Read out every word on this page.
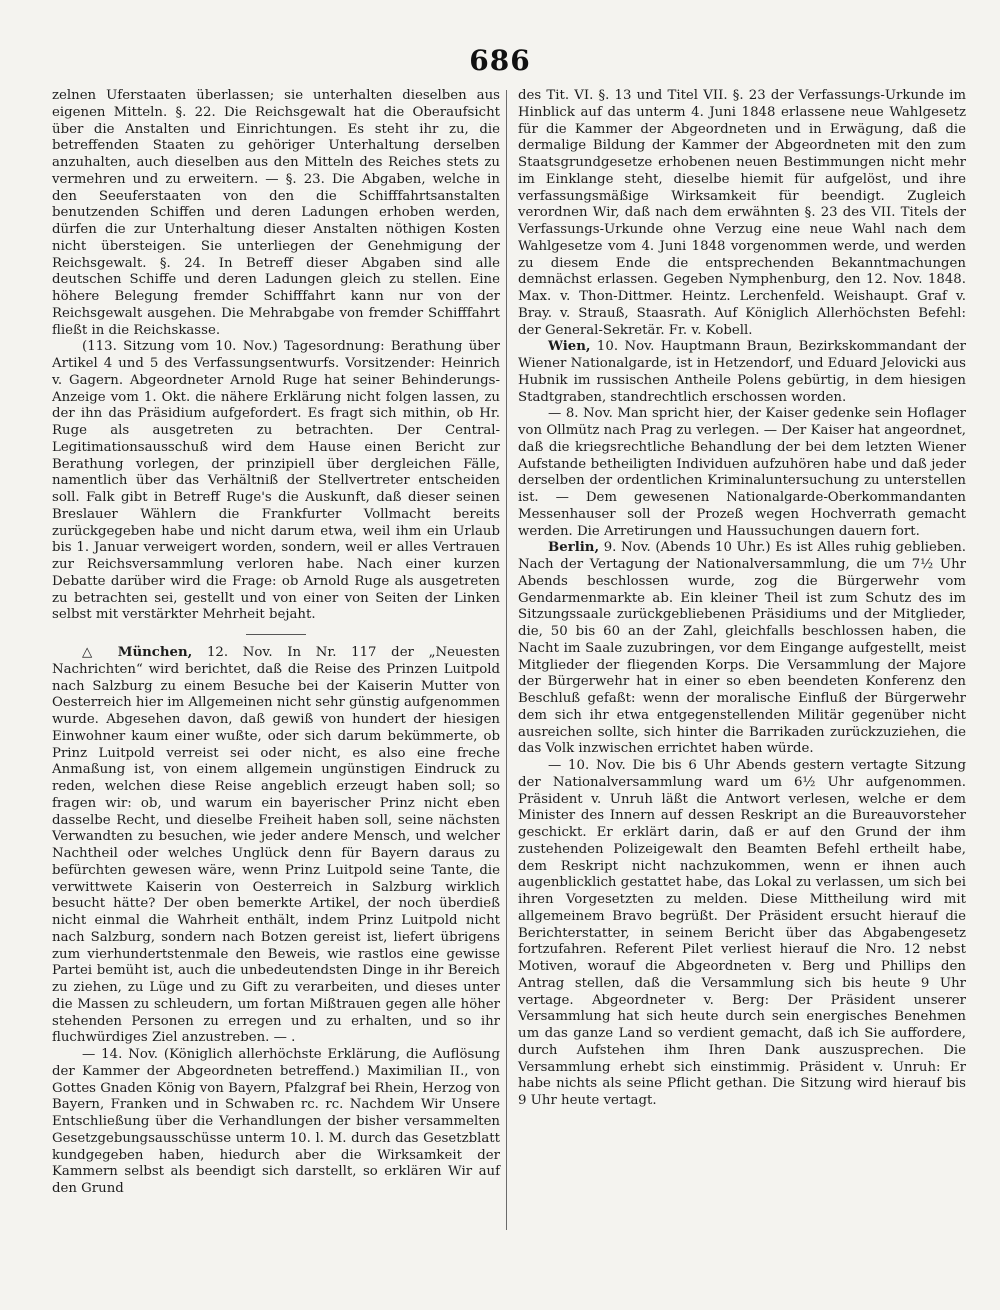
686

zelnen Uferstaaten überlassen; sie unterhalten dieselben aus eigenen Mitteln. §. 22. Die Reichsgewalt hat die Oberaufsicht über die Anstalten und Einrichtungen. Es steht ihr zu, die betreffenden Staaten zu gehöriger Unterhaltung derselben anzuhalten, auch dieselben aus den Mitteln des Reiches stets zu vermehren und zu erweitern. — §. 23. Die Abgaben, welche in den Seeuferstaaten von den die Schifffahrtsanstalten benutzenden Schiffen und deren Ladungen erhoben werden, dürfen die zur Unterhaltung dieser Anstalten nöthigen Kosten nicht übersteigen. Sie unterliegen der Genehmigung der Reichsgewalt. §. 24. In Betreff dieser Abgaben sind alle deutschen Schiffe und deren Ladungen gleich zu stellen. Eine höhere Belegung fremder Schifffahrt kann nur von der Reichsgewalt ausgehen. Die Mehrabgabe von fremder Schifffahrt fließt in die Reichskasse.

(113. Sitzung vom 10. Nov.) Tagesordnung: Berathung über Artikel 4 und 5 des Verfassungsentwurfs. Vorsitzender: Heinrich v. Gagern. Abgeordneter Arnold Ruge hat seiner Behinderungs-Anzeige vom 1. Okt. die nähere Erklärung nicht folgen lassen, zu der ihn das Präsidium aufgefordert. Es fragt sich mithin, ob Hr. Ruge als ausgetreten zu betrachten. Der Central-Legitimationsausschuß wird dem Hause einen Bericht zur Berathung vorlegen, der prinzipiell über dergleichen Fälle, namentlich über das Verhältniß der Stellvertreter entscheiden soll. Falk gibt in Betreff Ruge's die Auskunft, daß dieser seinen Breslauer Wählern die Frankfurter Vollmacht bereits zurückgegeben habe und nicht darum etwa, weil ihm ein Urlaub bis 1. Januar verweigert worden, sondern, weil er alles Vertrauen zur Reichsversammlung verloren habe. Nach einer kurzen Debatte darüber wird die Frage: ob Arnold Ruge als ausgetreten zu betrachten sei, gestellt und von einer von Seiten der Linken selbst mit verstärkter Mehrheit bejaht.

△ München, 12. Nov. In Nr. 117 der „Neuesten Nachrichten“ wird berichtet, daß die Reise des Prinzen Luitpold nach Salzburg zu einem Besuche bei der Kaiserin Mutter von Oesterreich hier im Allgemeinen nicht sehr günstig aufgenommen wurde. Abgesehen davon, daß gewiß von hundert der hiesigen Einwohner kaum einer wußte, oder sich darum bekümmerte, ob Prinz Luitpold verreist sei oder nicht, es also eine freche Anmaßung ist, von einem allgemein ungünstigen Eindruck zu reden, welchen diese Reise angeblich erzeugt haben soll; so fragen wir: ob, und warum ein bayerischer Prinz nicht eben dasselbe Recht, und dieselbe Freiheit haben soll, seine nächsten Verwandten zu besuchen, wie jeder andere Mensch, und welcher Nachtheil oder welches Unglück denn für Bayern daraus zu befürchten gewesen wäre, wenn Prinz Luitpold seine Tante, die verwittwete Kaiserin von Oesterreich in Salzburg wirklich besucht hätte? Der oben bemerkte Artikel, der noch überdieß nicht einmal die Wahrheit enthält, indem Prinz Luitpold nicht nach Salzburg, sondern nach Botzen gereist ist, liefert übrigens zum vierhundertstenmale den Beweis, wie rastlos eine gewisse Partei bemüht ist, auch die unbedeutendsten Dinge in ihr Bereich zu ziehen, zu Lüge und zu Gift zu verarbeiten, und dieses unter die Massen zu schleudern, um fortan Mißtrauen gegen alle höher stehenden Personen zu erregen und zu erhalten, und so ihr fluchwürdiges Ziel anzustreben. — .

— 14. Nov. (Königlich allerhöchste Erklärung, die Auflösung der Kammer der Abgeordneten betreffend.) Maximilian II., von Gottes Gnaden König von Bayern, Pfalzgraf bei Rhein, Herzog von Bayern, Franken und in Schwaben rc. rc. Nachdem Wir Unsere Entschließung über die Verhandlungen der bisher versammelten Gesetzgebungsausschüsse unterm 10. l. M. durch das Gesetzblatt kundgegeben haben, hiedurch aber die Wirksamkeit der Kammern selbst als beendigt sich darstellt, so erklären Wir auf den Grund

des Tit. VI. §. 13 und Titel VII. §. 23 der Verfassungs-Urkunde im Hinblick auf das unterm 4. Juni 1848 erlassene neue Wahlgesetz für die Kammer der Abgeordneten und in Erwägung, daß die dermalige Bildung der Kammer der Abgeordneten mit den zum Staatsgrundgesetze erhobenen neuen Bestimmungen nicht mehr im Einklange steht, dieselbe hiemit für aufgelöst, und ihre verfassungsmäßige Wirksamkeit für beendigt. Zugleich verordnen Wir, daß nach dem erwähnten §. 23 des VII. Titels der Verfassungs-Urkunde ohne Verzug eine neue Wahl nach dem Wahlgesetze vom 4. Juni 1848 vorgenommen werde, und werden zu diesem Ende die entsprechenden Bekanntmachungen demnächst erlassen. Gegeben Nymphenburg, den 12. Nov. 1848. Max. v. Thon-Dittmer. Heintz. Lerchenfeld. Weishaupt. Graf v. Bray. v. Strauß, Staasrath. Auf Königlich Allerhöchsten Befehl: der General-Sekretär. Fr. v. Kobell.

Wien, 10. Nov. Hauptmann Braun, Bezirkskommandant der Wiener Nationalgarde, ist in Hetzendorf, und Eduard Jelovicki aus Hubnik im russischen Antheile Polens gebürtig, in dem hiesigen Stadtgraben, standrechtlich erschossen worden.

— 8. Nov. Man spricht hier, der Kaiser gedenke sein Hoflager von Ollmütz nach Prag zu verlegen. — Der Kaiser hat angeordnet, daß die kriegsrechtliche Behandlung der bei dem letzten Wiener Aufstande betheiligten Individuen aufzuhören habe und daß jeder derselben der ordentlichen Kriminaluntersuchung zu unterstellen ist. — Dem gewesenen Nationalgarde-Oberkommandanten Messenhauser soll der Prozeß wegen Hochverrath gemacht werden. Die Arretirungen und Haussuchungen dauern fort.

Berlin, 9. Nov. (Abends 10 Uhr.) Es ist Alles ruhig geblieben. Nach der Vertagung der Nationalversammlung, die um 7½ Uhr Abends beschlossen wurde, zog die Bürgerwehr vom Gendarmenmarkte ab. Ein kleiner Theil ist zum Schutz des im Sitzungssaale zurückgebliebenen Präsidiums und der Mitglieder, die, 50 bis 60 an der Zahl, gleichfalls beschlossen haben, die Nacht im Saale zuzubringen, vor dem Eingange aufgestellt, meist Mitglieder der fliegenden Korps. Die Versammlung der Majore der Bürgerwehr hat in einer so eben beendeten Konferenz den Beschluß gefaßt: wenn der moralische Einfluß der Bürgerwehr dem sich ihr etwa entgegenstellenden Militär gegenüber nicht ausreichen sollte, sich hinter die Barrikaden zurückzuziehen, die das Volk inzwischen errichtet haben würde.

— 10. Nov. Die bis 6 Uhr Abends gestern vertagte Sitzung der Nationalversammlung ward um 6½ Uhr aufgenommen. Präsident v. Unruh läßt die Antwort verlesen, welche er dem Minister des Innern auf dessen Reskript an die Bureauvorsteher geschickt. Er erklärt darin, daß er auf den Grund der ihm zustehenden Polizeigewalt den Beamten Befehl ertheilt habe, dem Reskript nicht nachzukommen, wenn er ihnen auch augenblicklich gestattet habe, das Lokal zu verlassen, um sich bei ihren Vorgesetzten zu melden. Diese Mittheilung wird mit allgemeinem Bravo begrüßt. Der Präsident ersucht hierauf die Berichterstatter, in seinem Bericht über das Abgabengesetz fortzufahren. Referent Pilet verliest hierauf die Nro. 12 nebst Motiven, worauf die Abgeordneten v. Berg und Phillips den Antrag stellen, daß die Versammlung sich bis heute 9 Uhr vertage. Abgeordneter v. Berg: Der Präsident unserer Versammlung hat sich heute durch sein energisches Benehmen um das ganze Land so verdient gemacht, daß ich Sie auffordere, durch Aufstehen ihm Ihren Dank auszusprechen. Die Versammlung erhebt sich einstimmig. Präsident v. Unruh: Er habe nichts als seine Pflicht gethan. Die Sitzung wird hierauf bis 9 Uhr heute vertagt.
